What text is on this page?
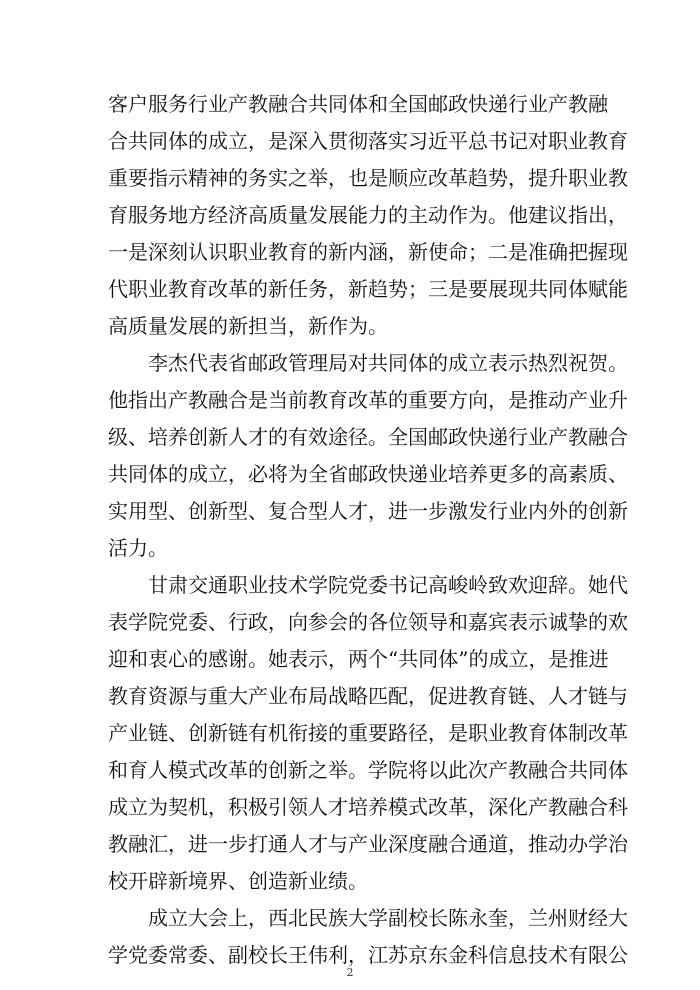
客户服务行业产教融合共同体和全国邮政快递行业产教融
合共同体的成立，是深入贯彻落实习近平总书记对职业教育
重要指示精神的务实之举，也是顺应改革趋势，提升职业教
育服务地方经济高质量发展能力的主动作为。他建议指出，
一是深刻认识职业教育的新内涵，新使命；二是准确把握现
代职业教育改革的新任务，新趋势；三是要展现共同体赋能
高质量发展的新担当，新作为。
李杰代表省邮政管理局对共同体的成立表示热烈祝贺。
他指出产教融合是当前教育改革的重要方向，是推动产业升
级、培养创新人才的有效途径。全国邮政快递行业产教融合
共同体的成立，必将为全省邮政快递业培养更多的高素质、
实用型、创新型、复合型人才，进一步激发行业内外的创新
活力。
甘肃交通职业技术学院党委书记高峻岭致欢迎辞。她代
表学院党委、行政，向参会的各位领导和嘉宾表示诚挚的欢
迎和衷心的感谢。她表示，两个“共同体”的成立，是推进
教育资源与重大产业布局战略匹配，促进教育链、人才链与
产业链、创新链有机衔接的重要路径，是职业教育体制改革
和育人模式改革的创新之举。学院将以此次产教融合共同体
成立为契机，积极引领人才培养模式改革，深化产教融合科
教融汇，进一步打通人才与产业深度融合通道，推动办学治
校开辟新境界、创造新业绩。
成立大会上，西北民族大学副校长陈永奎，兰州财经大
学党委常委、副校长王伟利，江苏京东金科信息技术有限公
2
